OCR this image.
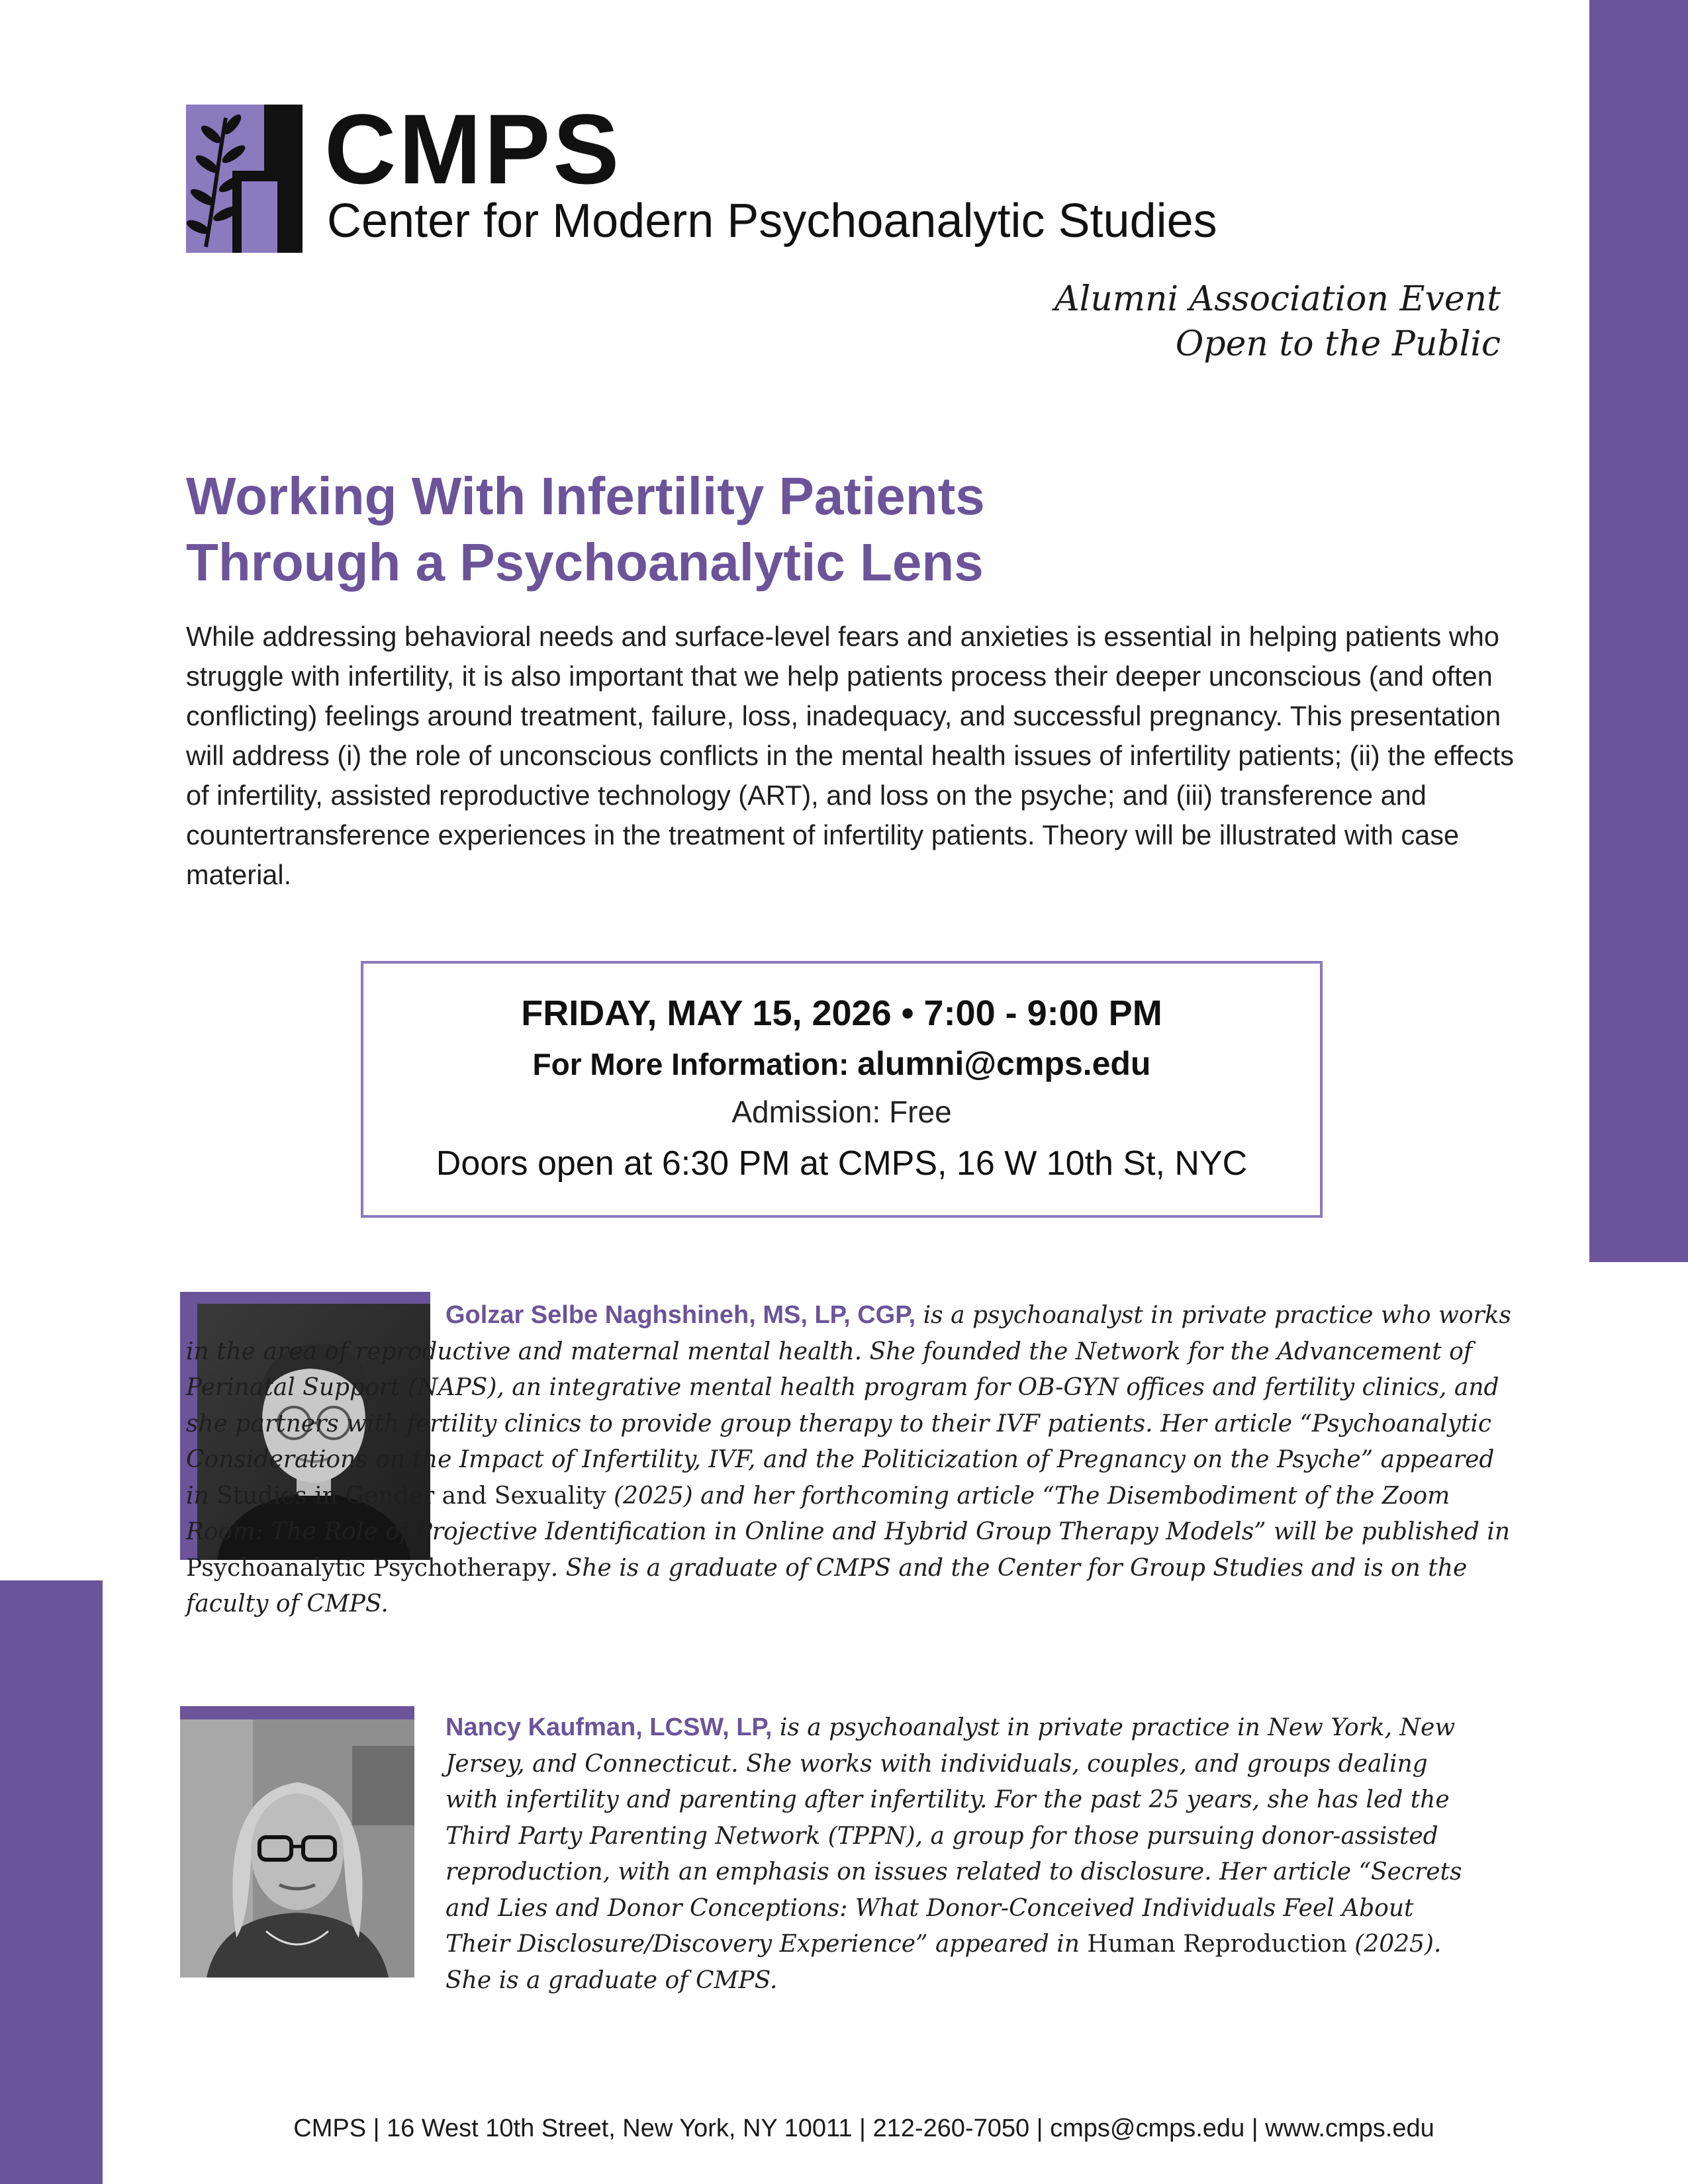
CMPS
Center for Modern Psychoanalytic Studies
Alumni Association Event
Open to the Public
Working With Infertility Patients
Through a Psychoanalytic Lens

While addressing behavioral needs and surface-level fears and anxieties is essential in helping patients who struggle with infertility, it is also important that we help patients process their deeper unconscious (and often conflicting) feelings around treatment, failure, loss, inadequacy, and successful pregnancy. This presentation will address (i) the role of unconscious conflicts in the mental health issues of infertility patients; (ii) the effects of infertility, assisted reproductive technology (ART), and loss on the psyche; and (iii) transference and countertransference experiences in the treatment of infertility patients. Theory will be illustrated with case material.

FRIDAY, MAY 15, 2026 • 7:00 - 9:00 PM
For More Information: alumni@cmps.edu
Admission: Free
Doors open at 6:30 PM at CMPS, 16 W 10th St, NYC

Golzar Selbe Naghshineh, MS, LP, CGP, is a psychoanalyst in private practice who works in the area of reproductive and maternal mental health. She founded the Network for the Advancement of Perinatal Support (NAPS), an integrative mental health program for OB-GYN offices and fertility clinics, and she partners with fertility clinics to provide group therapy to their IVF patients. Her article “Psychoanalytic Considerations on the Impact of Infertility, IVF, and the Politicization of Pregnancy on the Psyche” appeared in Studies in Gender and Sexuality (2025) and her forthcoming article “The Disembodiment of the Zoom Room: The Role of Projective Identification in Online and Hybrid Group Therapy Models” will be published in Psychoanalytic Psychotherapy. She is a graduate of CMPS and the Center for Group Studies and is on the faculty of CMPS.

Nancy Kaufman, LCSW, LP, is a psychoanalyst in private practice in New York, New Jersey, and Connecticut. She works with individuals, couples, and groups dealing with infertility and parenting after infertility. For the past 25 years, she has led the Third Party Parenting Network (TPPN), a group for those pursuing donor-assisted reproduction, with an emphasis on issues related to disclosure. Her article “Secrets and Lies and Donor Conceptions: What Donor-Conceived Individuals Feel About Their Disclosure/Discovery Experience” appeared in Human Reproduction (2025). She is a graduate of CMPS.

CMPS | 16 West 10th Street, New York, NY 10011 | 212-260-7050 | cmps@cmps.edu | www.cmps.edu
